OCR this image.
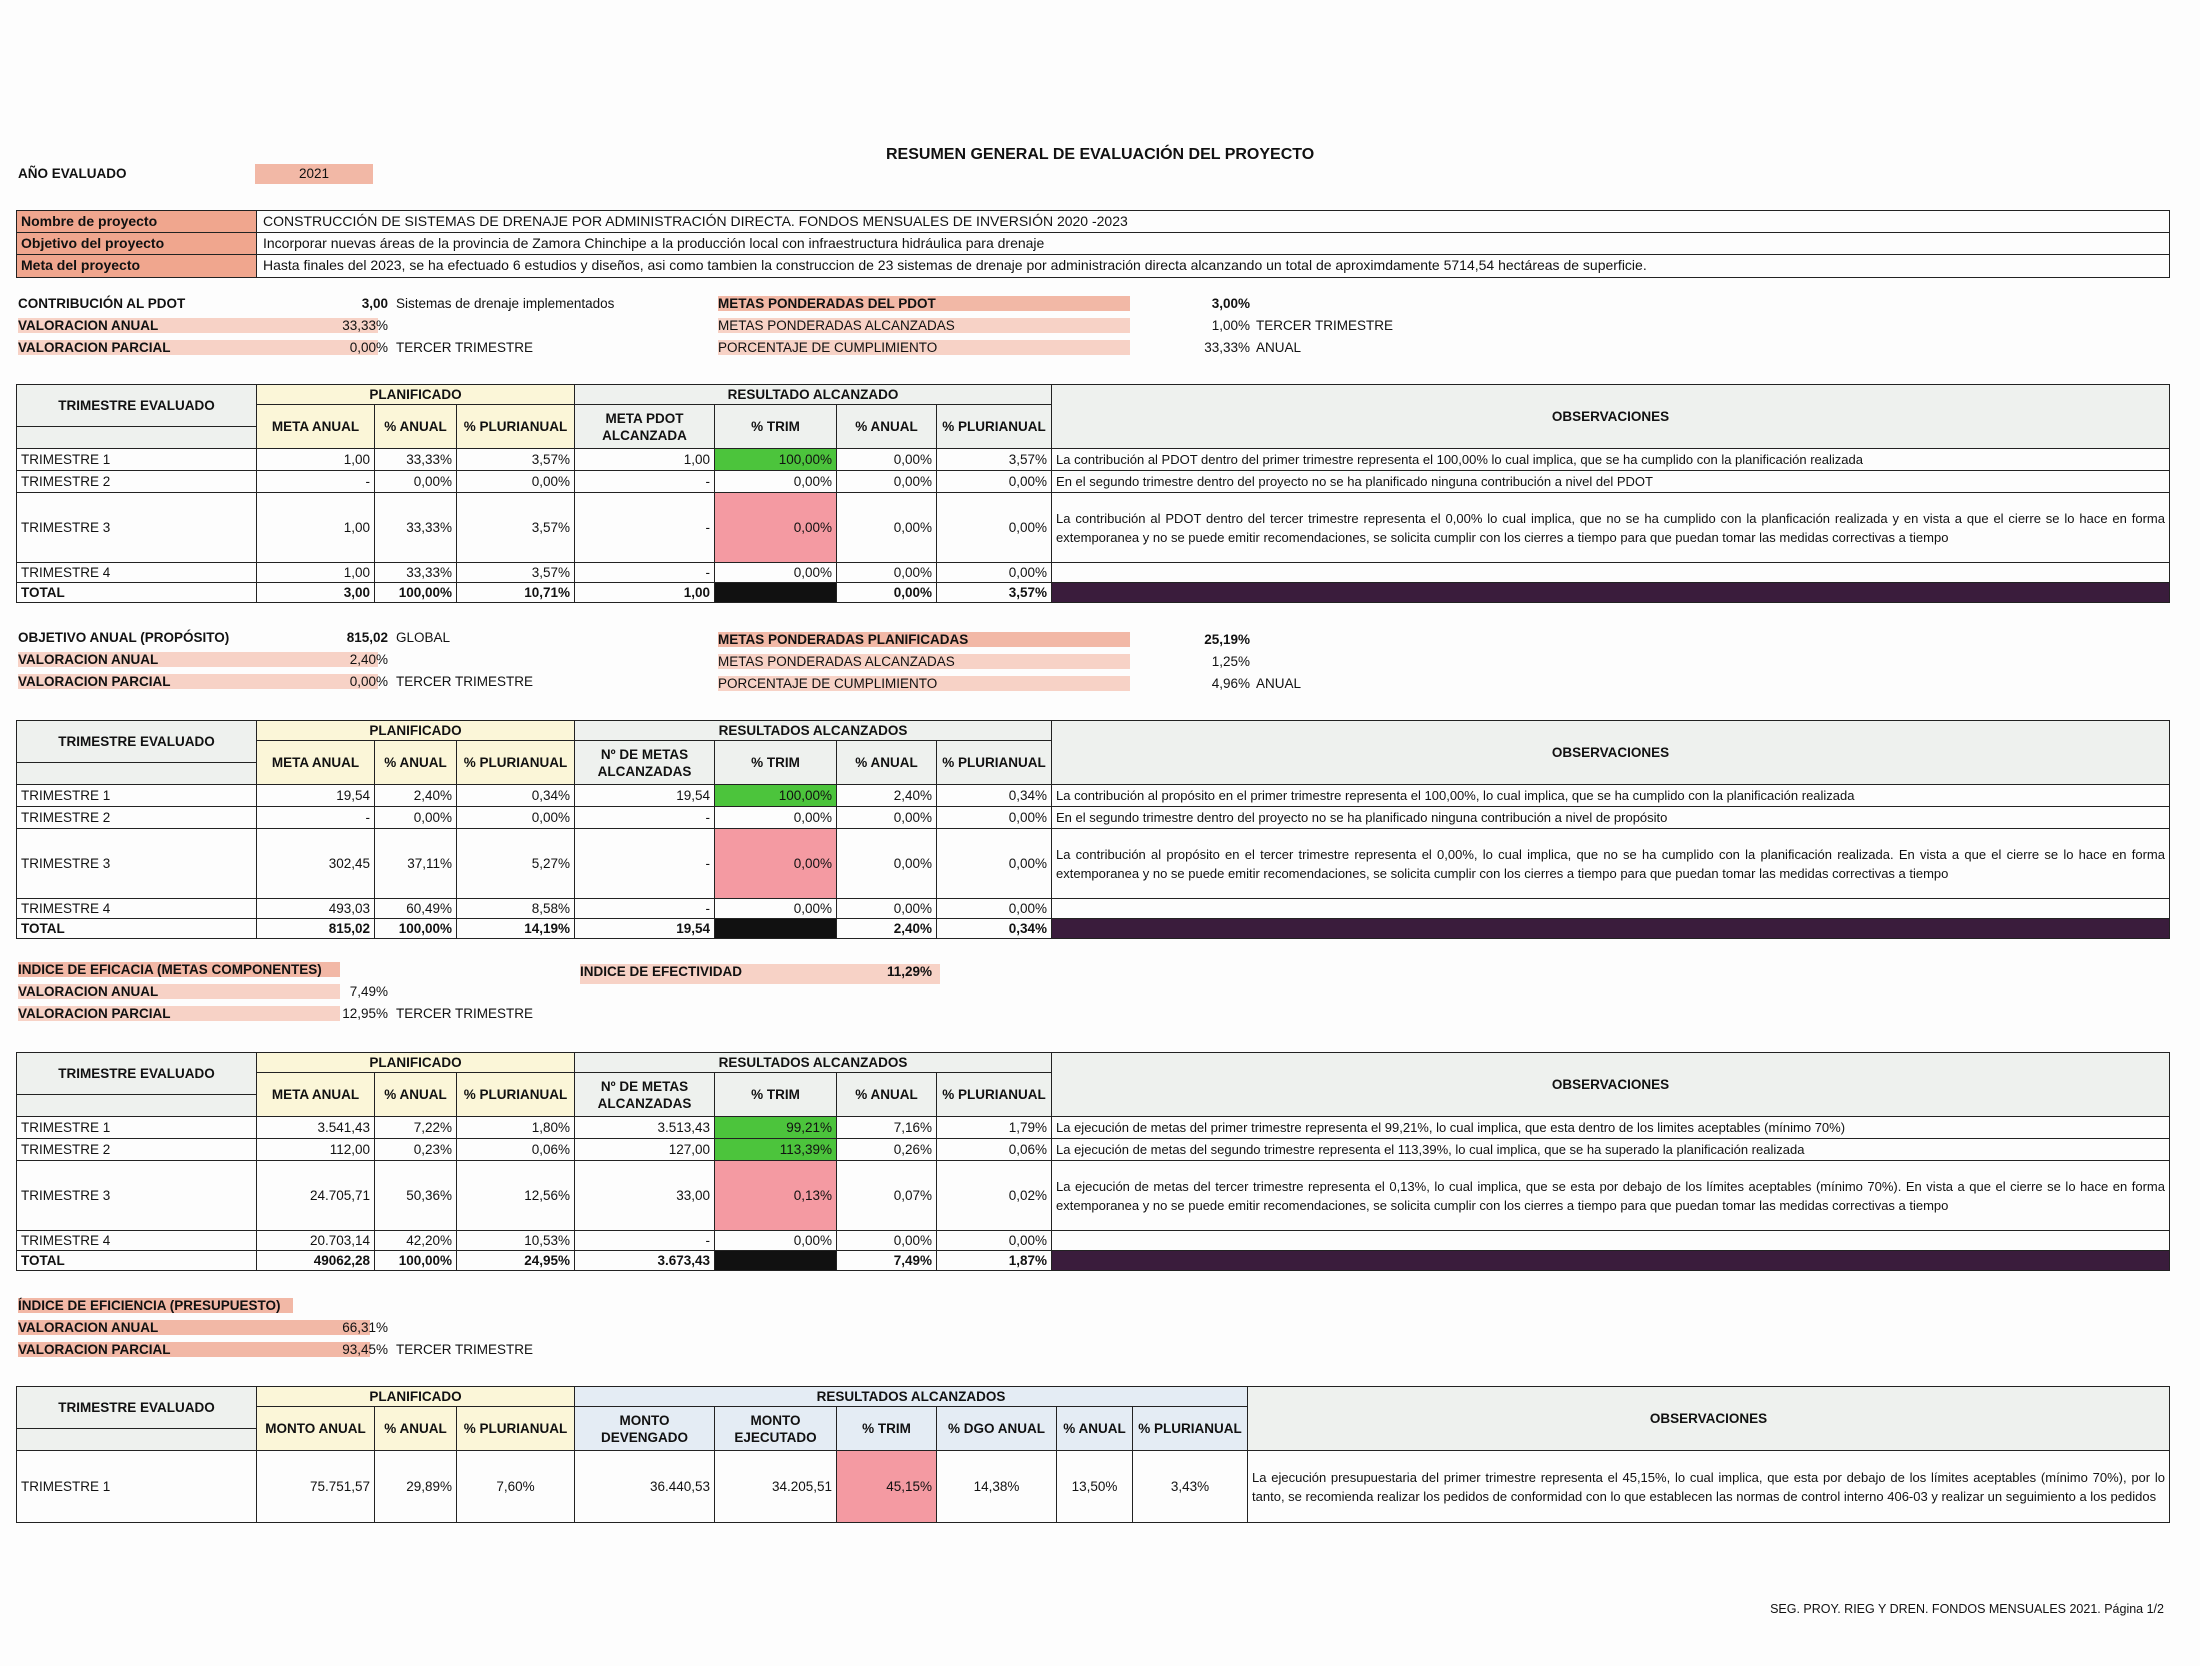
RESUMEN GENERAL DE EVALUACIÓN DEL PROYECTO
AÑO EVALUADO	2021
Nombre de proyecto	CONSTRUCCIÓN DE SISTEMAS DE DRENAJE POR ADMINISTRACIÓN DIRECTA. FONDOS MENSUALES DE INVERSIÓN 2020 -2023
Objetivo del proyecto	Incorporar nuevas áreas de la provincia de Zamora Chinchipe a la producción local con infraestructura hidráulica para drenaje
Meta del proyecto	Hasta finales del 2023, se ha efectuado 6 estudios y diseños, asi como tambien la construccion de 23 sistemas de drenaje por administración directa alcanzando un total de aproximdamente 5714,54 hectáreas de superficie.
CONTRIBUCIÓN AL PDOT	3,00 Sistemas de drenaje implementados
VALORACION ANUAL	33,33%
VALORACION PARCIAL	0,00% TERCER TRIMESTRE
METAS PONDERADAS DEL PDOT	3,00%
METAS PONDERADAS ALCANZADAS	1,00% TERCER TRIMESTRE
PORCENTAJE DE CUMPLIMIENTO	33,33% ANUAL
TRIMESTRE EVALUADO	PLANIFICADO			RESULTADO ALCANZADO				OBSERVACIONES
	META ANUAL	% ANUAL	% PLURIANUAL	META PDOT ALCANZADA	% TRIM	% ANUAL	% PLURIANUAL	

TRIMESTRE 1	1,00	33,33%	3,57%	1,00	100,00%	0,00%	3,57%	La contribución al PDOT dentro del primer trimestre representa el 100,00% lo cual implica, que se ha cumplido con la planificación realizada
TRIMESTRE 2	-	0,00%	0,00%	-	0,00%	0,00%	0,00%	En el segundo trimestre dentro del proyecto no se ha planificado ninguna contribución a nivel del PDOT
TRIMESTRE 3	1,00	33,33%	3,57%	-	0,00%	0,00%	0,00%	La contribución al PDOT dentro del tercer trimestre representa el 0,00% lo cual implica, que no se ha cumplido con la planficación realizada y en vista a que el cierre se lo hace en forma extemporanea y no se puede emitir recomendaciones, se solicita cumplir con los cierres a tiempo para que puedan tomar las medidas correctivas a tiempo
TRIMESTRE 4	1,00	33,33%	3,57%	-	0,00%	0,00%	0,00%	
TOTAL	3,00	100,00%	10,71%	1,00		0,00%	3,57%	
OBJETIVO ANUAL (PROPÓSITO)	815,02 GLOBAL
VALORACION ANUAL	2,40%
VALORACION PARCIAL	0,00% TERCER TRIMESTRE
METAS PONDERADAS PLANIFICADAS	25,19%
METAS PONDERADAS ALCANZADAS	1,25%
PORCENTAJE DE CUMPLIMIENTO	4,96% ANUAL
TRIMESTRE EVALUADO	PLANIFICADO			RESULTADOS ALCANZADOS				OBSERVACIONES
	META ANUAL	% ANUAL	% PLURIANUAL	Nº DE METAS ALCANZADAS	% TRIM	% ANUAL	% PLURIANUAL	

TRIMESTRE 1	19,54	2,40%	0,34%	19,54	100,00%	2,40%	0,34%	La contribución al propósito en el primer trimestre representa el 100,00%, lo cual implica, que se ha cumplido con la planificación realizada
TRIMESTRE 2	-	0,00%	0,00%	-	0,00%	0,00%	0,00%	En el segundo trimestre dentro del proyecto no se ha planificado ninguna contribución a nivel de propósito
TRIMESTRE 3	302,45	37,11%	5,27%	-	0,00%	0,00%	0,00%	La contribución al propósito en el tercer trimestre representa el 0,00%, lo cual implica, que no se ha cumplido con la planificación realizada. En vista a que el cierre se lo hace en forma extemporanea y no se puede emitir recomendaciones, se solicita cumplir con los cierres a tiempo para que puedan tomar las medidas correctivas a tiempo
TRIMESTRE 4	493,03	60,49%	8,58%	-	0,00%	0,00%	0,00%	
TOTAL	815,02	100,00%	14,19%	19,54		2,40%	0,34%	
INDICE DE EFICACIA (METAS COMPONENTES)
VALORACION ANUAL	7,49%
VALORACION PARCIAL	12,95% TERCER TRIMESTRE
INDICE DE EFECTIVIDAD	11,29%
TRIMESTRE EVALUADO	PLANIFICADO			RESULTADOS ALCANZADOS				OBSERVACIONES
	META ANUAL	% ANUAL	% PLURIANUAL	Nº DE METAS ALCANZADAS	% TRIM	% ANUAL	% PLURIANUAL	

TRIMESTRE 1	3.541,43	7,22%	1,80%	3.513,43	99,21%	7,16%	1,79%	La ejecución de metas del primer trimestre representa el 99,21%, lo cual implica, que esta dentro de los limites aceptables (mínimo 70%)
TRIMESTRE 2	112,00	0,23%	0,06%	127,00	113,39%	0,26%	0,06%	La ejecución de metas del segundo trimestre representa el 113,39%, lo cual implica, que se ha superado la planificación realizada
TRIMESTRE 3	24.705,71	50,36%	12,56%	33,00	0,13%	0,07%	0,02%	La ejecución de metas del tercer trimestre representa el 0,13%, lo cual implica, que se esta por debajo de los límites aceptables (mínimo 70%). En vista a que el cierre se lo hace en forma extemporanea y no se puede emitir recomendaciones, se solicita cumplir con los cierres a tiempo para que puedan tomar las medidas correctivas a tiempo
TRIMESTRE 4	20.703,14	42,20%	10,53%	-	0,00%	0,00%	0,00%	
TOTAL	49062,28	100,00%	24,95%	3.673,43		7,49%	1,87%	
ÍNDICE DE EFICIENCIA (PRESUPUESTO)
VALORACION ANUAL	66,31%
VALORACION PARCIAL	93,45% TERCER TRIMESTRE
TRIMESTRE EVALUADO	PLANIFICADO			RESULTADOS ALCANZADOS						OBSERVACIONES
	MONTO ANUAL	% ANUAL	% PLURIANUAL	MONTO DEVENGADO	MONTO EJECUTADO	% TRIM	% DGO ANUAL	% ANUAL	% PLURIANUAL	

TRIMESTRE 1	75.751,57	29,89%	7,60%	36.440,53	34.205,51	45,15%	14,38%	13,50%	3,43%	La ejecución presupuestaria del primer trimestre representa el 45,15%, lo cual implica, que esta por debajo de los límites aceptables (mínimo 70%), por lo tanto, se recomienda realizar los pedidos de conformidad con lo que establecen las normas de control interno 406-03 y realizar un seguimiento a los pedidos
SEG. PROY. RIEG Y DREN. FONDOS MENSUALES 2021. Página 1/2
